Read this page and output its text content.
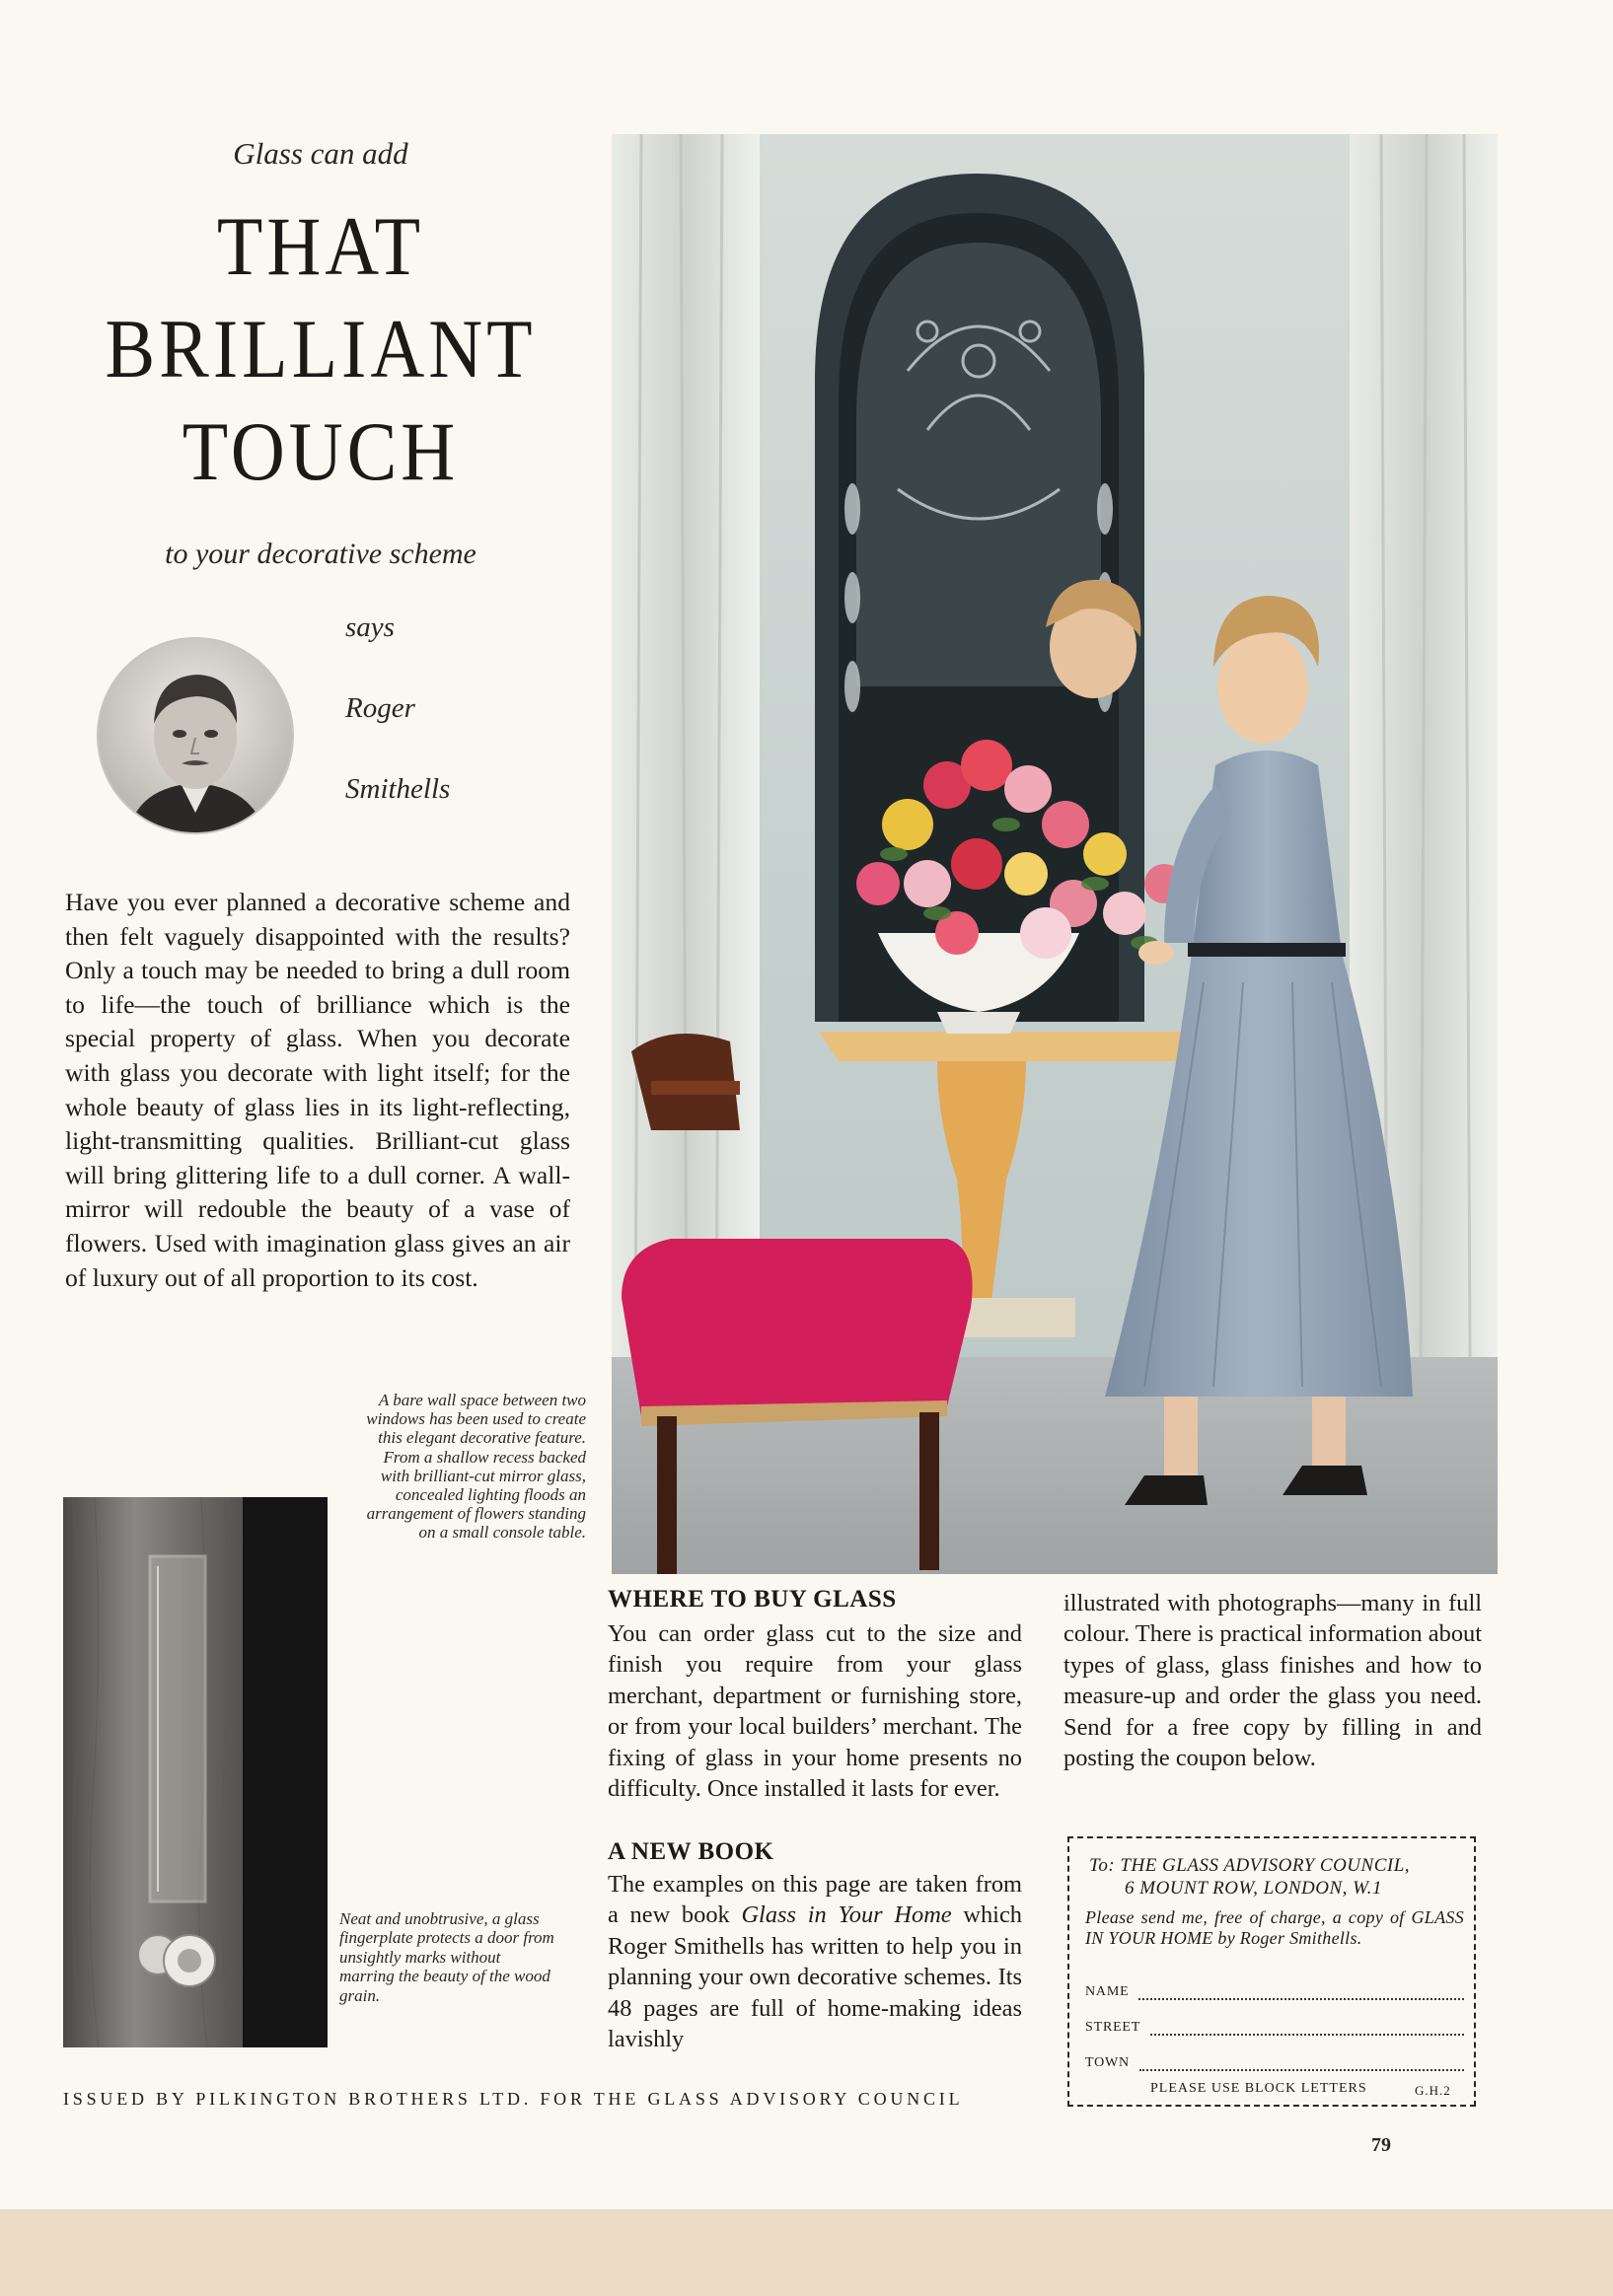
Glass can add
THAT
BRILLIANT
TOUCH
to your decorative scheme
says
Roger
Smithells
Have you ever planned a decorative scheme and then felt vaguely disappointed with the results? Only a touch may be needed to bring a dull room to life—the touch of brilliance which is the special property of glass. When you decorate with glass you decorate with light itself; for the whole beauty of glass lies in its light-reflecting, light-transmitting qualities. Brilliant-cut glass will bring glittering life to a dull corner. A wall-mirror will redouble the beauty of a vase of flowers. Used with imagination glass gives an air of luxury out of all proportion to its cost.
A bare wall space between two windows has been used to create this elegant decorative feature. From a shallow recess backed with brilliant-cut mirror glass, concealed lighting floods an arrangement of flowers standing on a small console table.
Neat and unobtrusive, a glass fingerplate protects a door from unsightly marks without marring the beauty of the wood grain.
WHERE TO BUY GLASS
You can order glass cut to the size and finish you require from your glass merchant, department or furnishing store, or from your local builders’ merchant. The fixing of glass in your home presents no difficulty. Once installed it lasts for ever.
A NEW BOOK
The examples on this page are taken from a new book Glass in Your Home which Roger Smithells has written to help you in planning your own decorative schemes. Its 48 pages are full of home-making ideas lavishly
illustrated with photographs—many in full colour. There is practical information about types of glass, glass finishes and how to measure-up and order the glass you need. Send for a free copy by filling in and posting the coupon below.
To: THE GLASS ADVISORY COUNCIL,
6 MOUNT ROW, LONDON, W.1
Please send me, free of charge, a copy of GLASS IN YOUR HOME by Roger Smithells.
NAME
STREET
TOWN
PLEASE USE BLOCK LETTERS	G.H.2
ISSUED BY PILKINGTON BROTHERS LTD. FOR THE GLASS ADVISORY COUNCIL
79
